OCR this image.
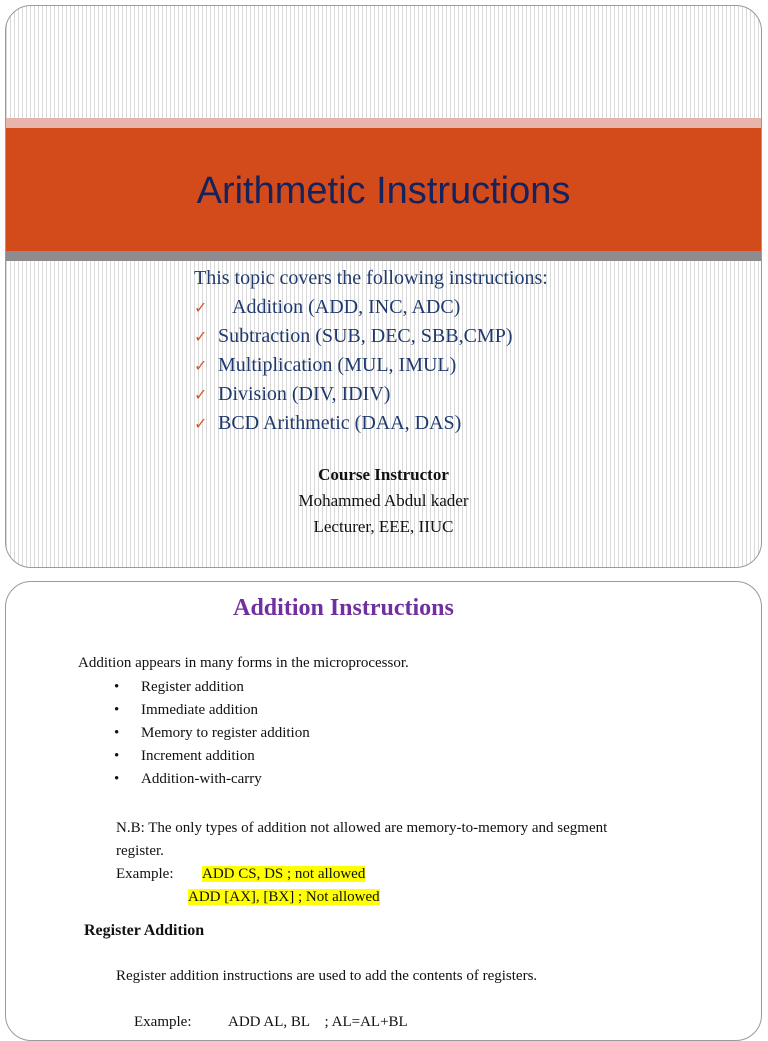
Arithmetic Instructions
This topic covers the following instructions:
✓ Addition (ADD, INC, ADC)
✓ Subtraction (SUB, DEC, SBB,CMP)
✓ Multiplication (MUL, IMUL)
✓ Division (DIV, IDIV)
✓ BCD Arithmetic (DAA, DAS)
Course Instructor
Mohammed Abdul kader
Lecturer, EEE, IIUC
Addition Instructions
Addition appears in many forms in the microprocessor.
• Register addition
• Immediate addition
• Memory to register addition
• Increment addition
• Addition-with-carry
N.B: The only types of addition not allowed are memory-to-memory and segment
register.
Example: ADD CS, DS ; not allowed
ADD [AX], [BX] ; Not allowed
Register Addition
Register addition instructions are used to add the contents of registers.
Example: ADD AL, BL    ; AL=AL+BL
